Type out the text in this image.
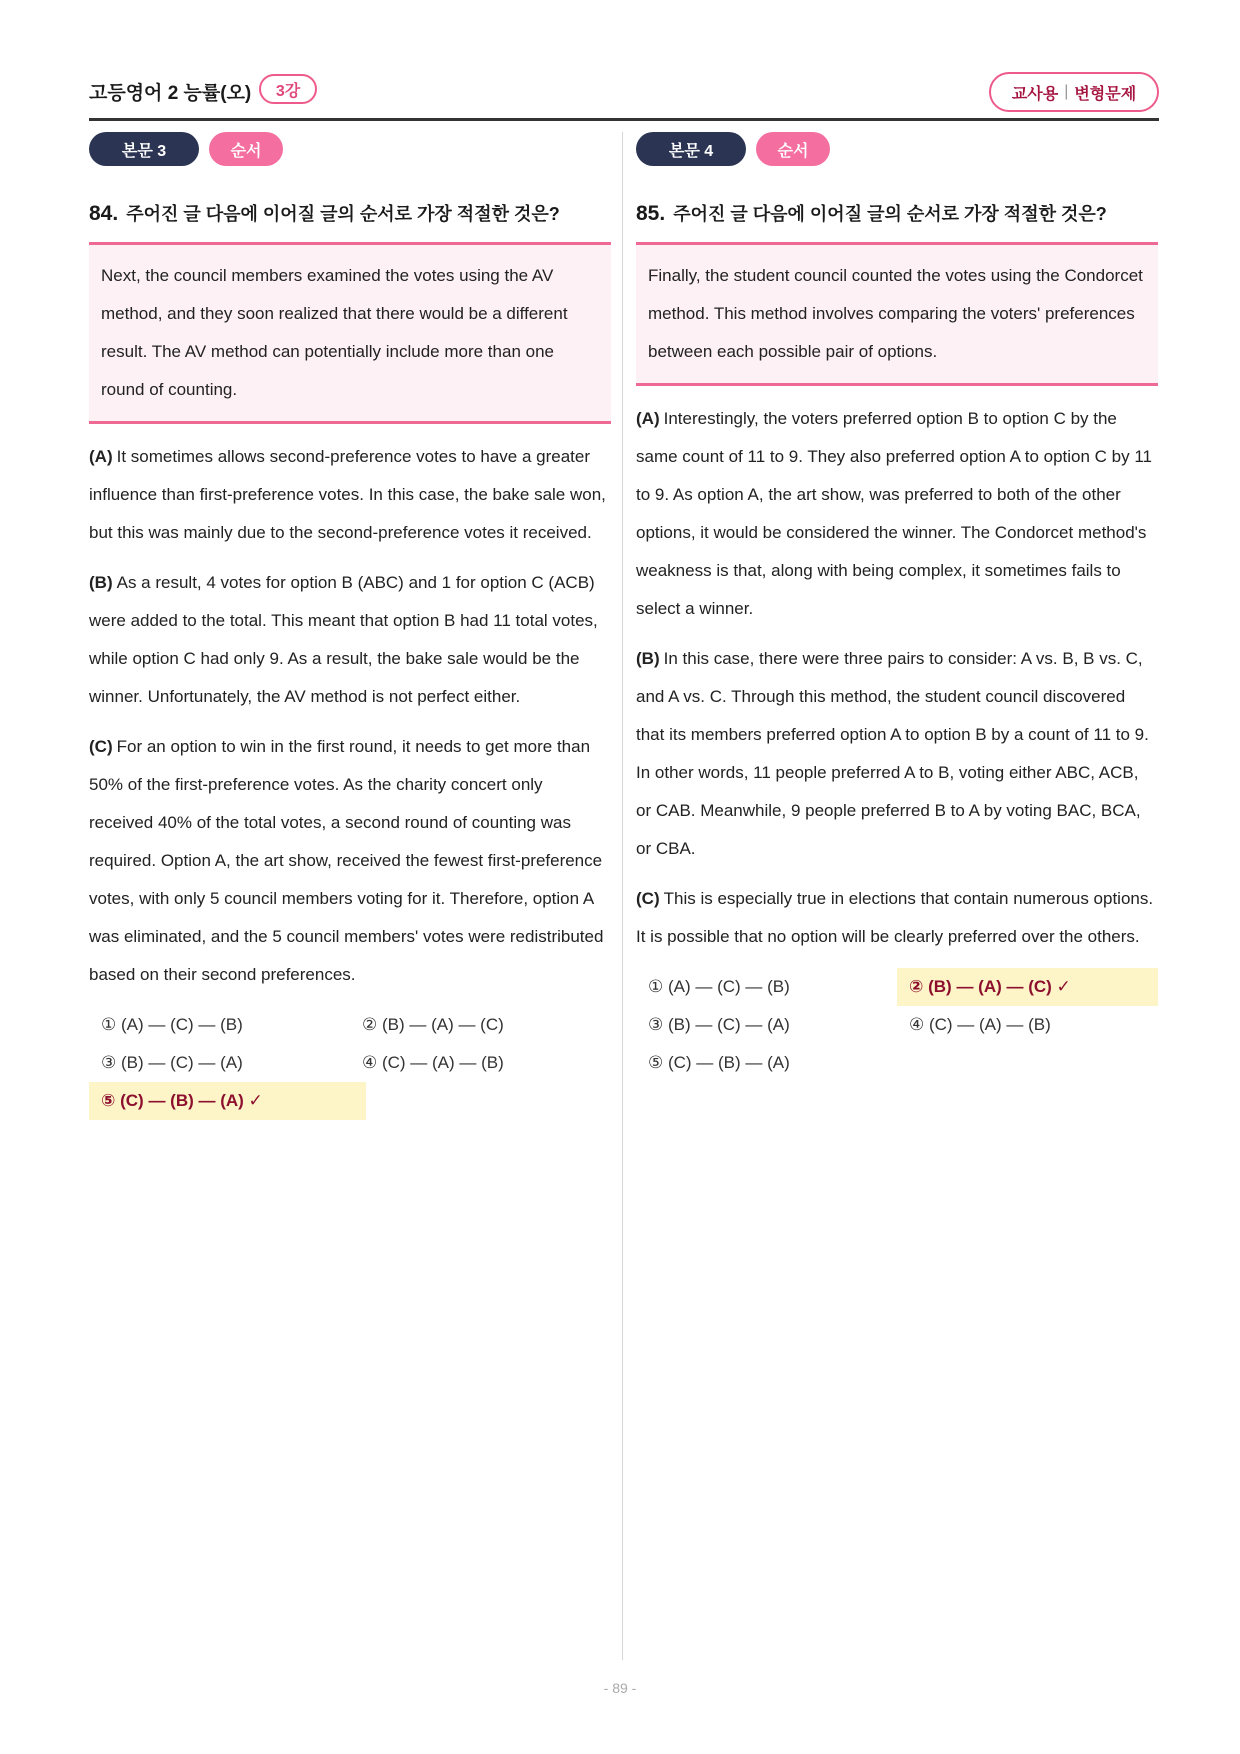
고등영어 2 능률(오)	3강	교사용 | 변형문제
본문 3	순서
84. 주어진 글 다음에 이어질 글의 순서로 가장 적절한 것은?
Next, the council members examined the votes using the AV method, and they soon realized that there would be a different result. The AV method can potentially include more than one round of counting.
(A) It sometimes allows second-preference votes to have a greater influence than first-preference votes. In this case, the bake sale won, but this was mainly due to the second-preference votes it received.
(B) As a result, 4 votes for option B (ABC) and 1 for option C (ACB) were added to the total. This meant that option B had 11 total votes, while option C had only 9. As a result, the bake sale would be the winner. Unfortunately, the AV method is not perfect either.
(C) For an option to win in the first round, it needs to get more than 50% of the first-preference votes. As the charity concert only received 40% of the total votes, a second round of counting was required. Option A, the art show, received the fewest first-preference votes, with only 5 council members voting for it. Therefore, option A was eliminated, and the 5 council members' votes were redistributed based on their second preferences.
① (A) ― (C) ― (B)	② (B) ― (A) ― (C)
③ (B) ― (C) ― (A)	④ (C) ― (A) ― (B)
⑤ (C) ― (B) ― (A) ✓
본문 4	순서
85. 주어진 글 다음에 이어질 글의 순서로 가장 적절한 것은?
Finally, the student council counted the votes using the Condorcet method. This method involves comparing the voters' preferences between each possible pair of options.
(A) Interestingly, the voters preferred option B to option C by the same count of 11 to 9. They also preferred option A to option C by 11 to 9. As option A, the art show, was preferred to both of the other options, it would be considered the winner. The Condorcet method's weakness is that, along with being complex, it sometimes fails to select a winner.
(B) In this case, there were three pairs to consider: A vs. B, B vs. C, and A vs. C. Through this method, the student council discovered that its members preferred option A to option B by a count of 11 to 9. In other words, 11 people preferred A to B, voting either ABC, ACB, or CAB. Meanwhile, 9 people preferred B to A by voting BAC, BCA, or CBA.
(C) This is especially true in elections that contain numerous options. It is possible that no option will be clearly preferred over the others.
① (A) ― (C) ― (B)	② (B) ― (A) ― (C) ✓
③ (B) ― (C) ― (A)	④ (C) ― (A) ― (B)
⑤ (C) ― (B) ― (A)
- 89 -
